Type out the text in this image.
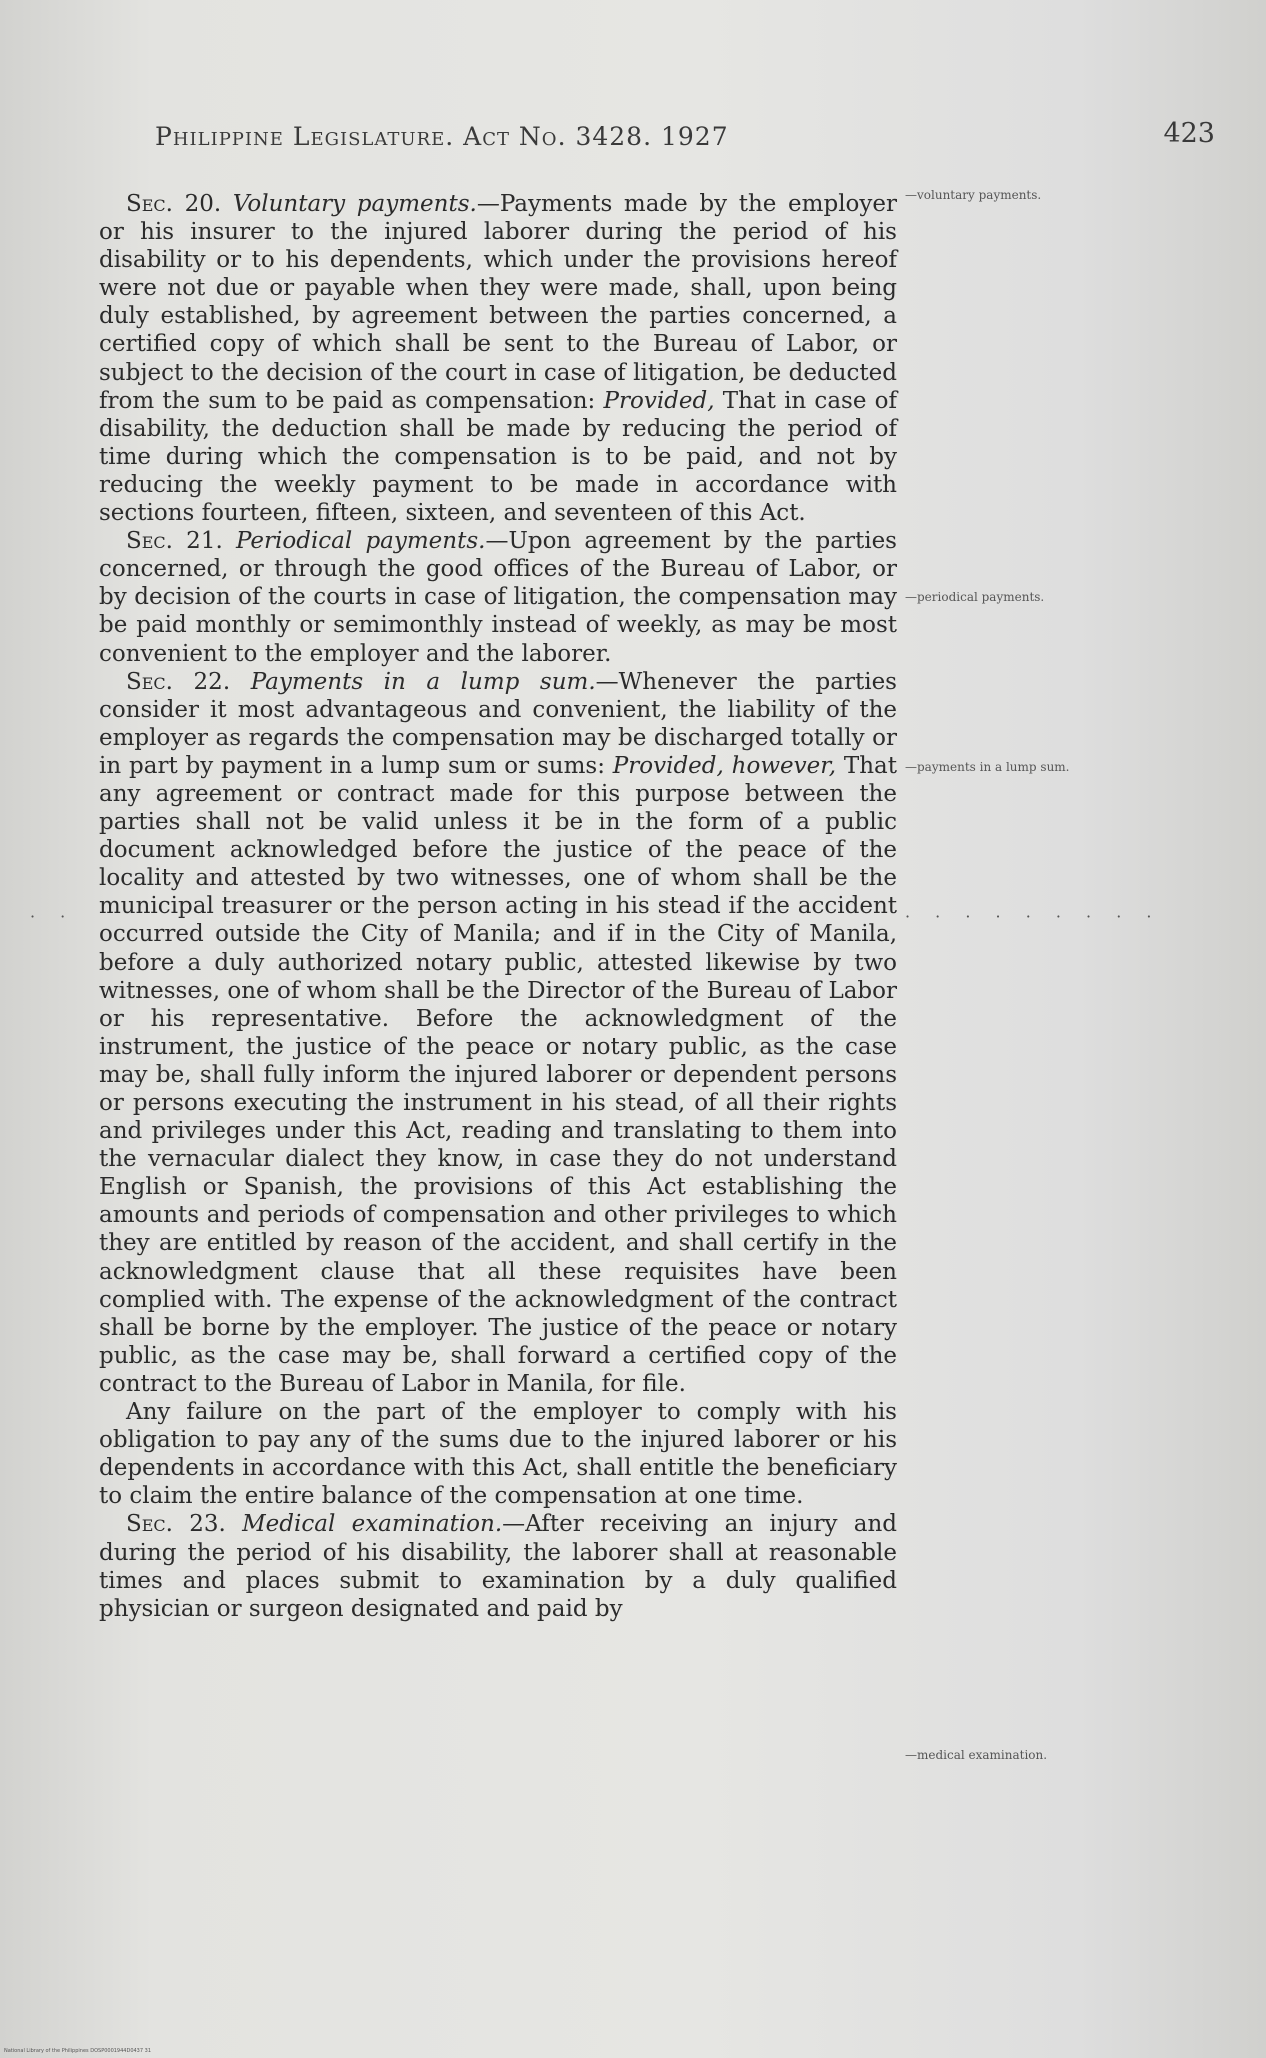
Philippine Legislature. Act No. 3428. 1927	423

Sec. 20. Voluntary payments.—Payments made by the employer or his insurer to the injured laborer during the period of his disability or to his dependents, which under the provisions hereof were not due or payable when they were made, shall, upon being duly established, by agreement between the parties concerned, a certified copy of which shall be sent to the Bureau of Labor, or subject to the decision of the court in case of litigation, be deducted from the sum to be paid as compensation: Provided, That in case of disability, the deduction shall be made by reducing the period of time during which the compensation is to be paid, and not by reducing the weekly payment to be made in accordance with sections fourteen, fifteen, sixteen, and seventeen of this Act.

Sec. 21. Periodical payments.—Upon agreement by the parties concerned, or through the good offices of the Bureau of Labor, or by decision of the courts in case of litigation, the compensation may be paid monthly or semimonthly instead of weekly, as may be most convenient to the employer and the laborer.

Sec. 22. Payments in a lump sum.—Whenever the parties consider it most advantageous and convenient, the liability of the employer as regards the compensation may be discharged totally or in part by payment in a lump sum or sums: Provided, however, That any agreement or contract made for this purpose between the parties shall not be valid unless it be in the form of a public document acknowledged before the justice of the peace of the locality and attested by two witnesses, one of whom shall be the municipal treasurer or the person acting in his stead if the accident occurred outside the City of Manila; and if in the City of Manila, before a duly authorized notary public, attested likewise by two witnesses, one of whom shall be the Director of the Bureau of Labor or his representative. Before the acknowledgment of the instrument, the justice of the peace or notary public, as the case may be, shall fully inform the injured laborer or dependent persons or persons executing the instrument in his stead, of all their rights and privileges under this Act, reading and translating to them into the vernacular dialect they know, in case they do not understand English or Spanish, the provisions of this Act establishing the amounts and periods of compensation and other privileges to which they are entitled by reason of the accident, and shall certify in the acknowledgment clause that all these requisites have been complied with. The expense of the acknowledgment of the contract shall be borne by the employer. The justice of the peace or notary public, as the case may be, shall forward a certified copy of the contract to the Bureau of Labor in Manila, for file.

Any failure on the part of the employer to comply with his obligation to pay any of the sums due to the injured laborer or his dependents in accordance with this Act, shall entitle the beneficiary to claim the entire balance of the compensation at one time.

Sec. 23. Medical examination.—After receiving an injury and during the period of his disability, the laborer shall at reasonable times and places submit to examination by a duly qualified physician or surgeon designated and paid by

—voluntary payments.
—periodical payments.
—payments in a lump sum.
—medical examination.
· ·	· · · · · · · · ·
National Library of the Philippines DOSP0001944D0437 31
